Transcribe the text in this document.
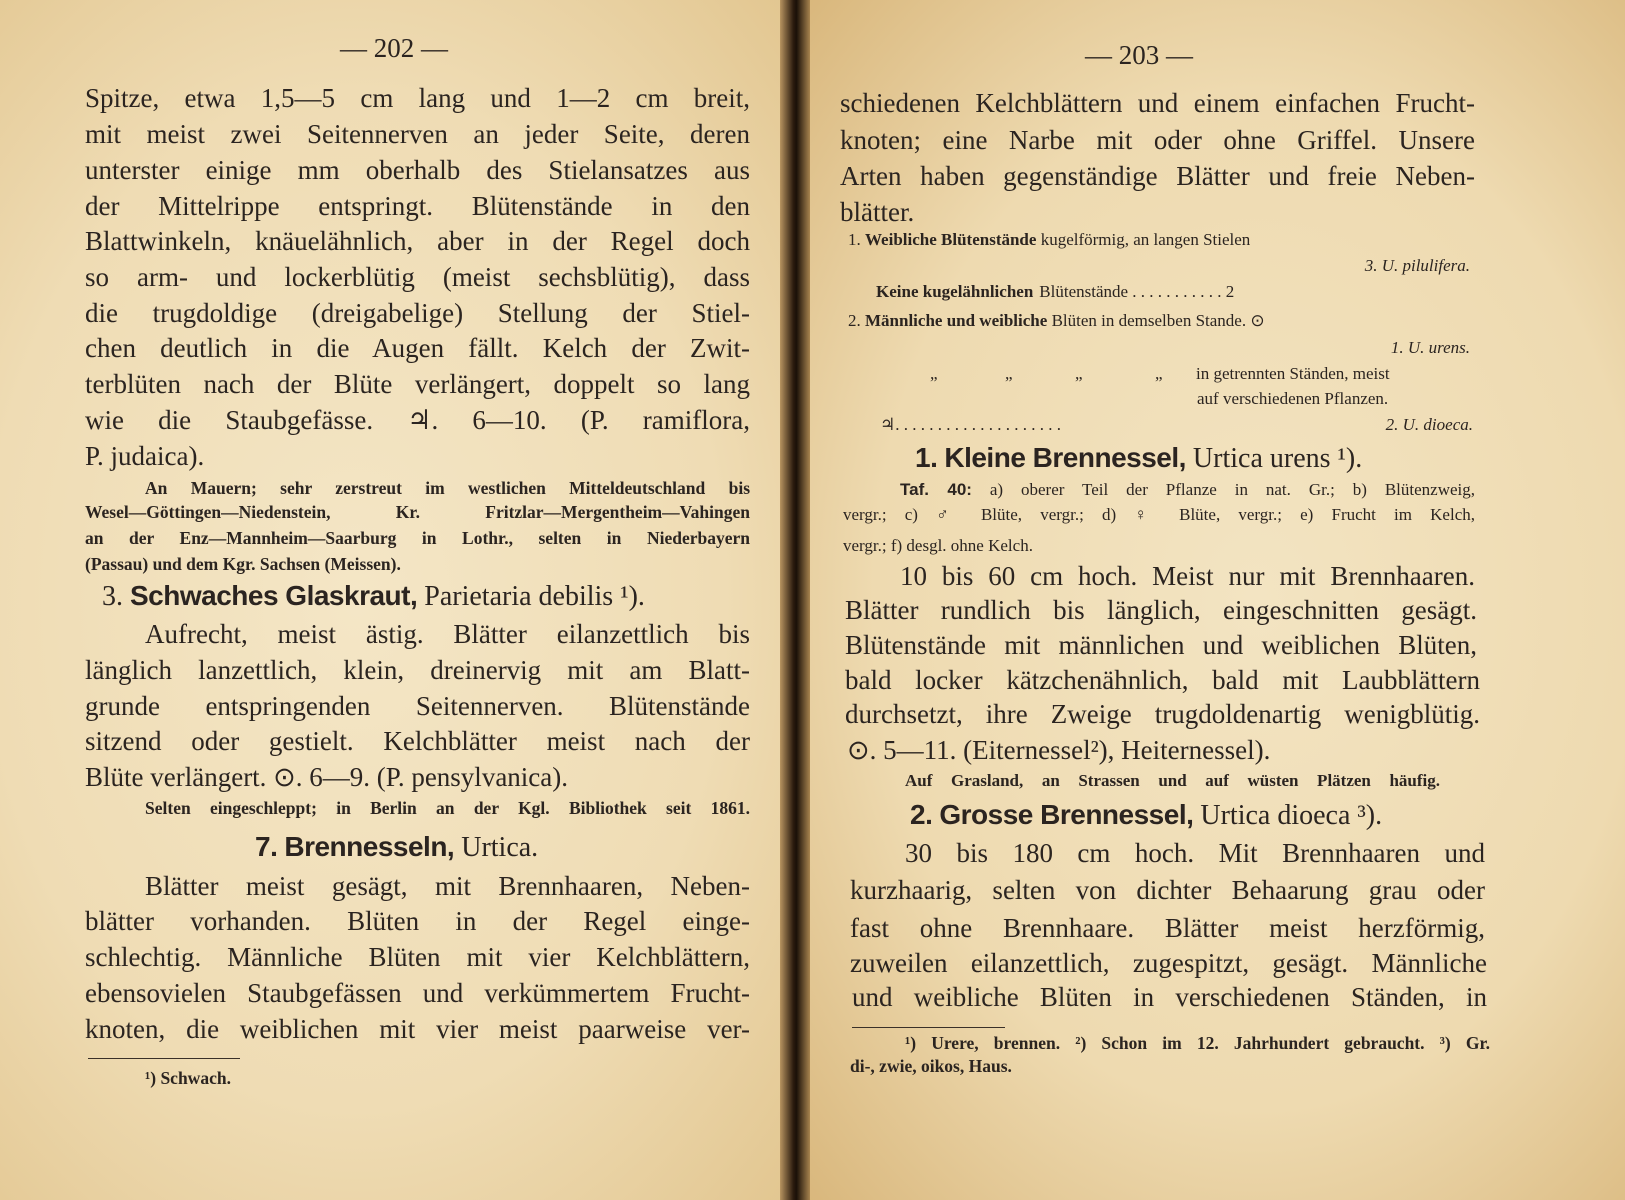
— 202 —
Spitze, etwa 1,5—5 cm lang und 1—2 cm breit,
mit meist zwei Seitennerven an jeder Seite, deren
unterster einige mm oberhalb des Stielansatzes aus
der Mittelrippe entspringt. Blütenstände in den
Blattwinkeln, knäuelähnlich, aber in der Regel doch
so arm- und lockerblütig (meist sechsblütig), dass
die trugdoldige (dreigabelige) Stellung der Stiel-
chen deutlich in die Augen fällt. Kelch der Zwit-
terblüten nach der Blüte verlängert, doppelt so lang
wie die Staubgefässe. ♃. 6—10. (P. ramiflora,
P. judaica).
An Mauern; sehr zerstreut im westlichen Mitteldeutschland bis
Wesel—Göttingen—Niedenstein, Kr. Fritzlar—Mergentheim—Vahingen
an der Enz—Mannheim—Saarburg in Lothr., selten in Niederbayern
(Passau) und dem Kgr. Sachsen (Meissen).
3. Schwaches Glaskraut, Parietaria debilis ¹).
Aufrecht, meist ästig. Blätter eilanzettlich bis
länglich lanzettlich, klein, dreinervig mit am Blatt-
grunde entspringenden Seitennerven. Blütenstände
sitzend oder gestielt. Kelchblätter meist nach der
Blüte verlängert. ⊙. 6—9. (P. pensylvanica).
Selten eingeschleppt; in Berlin an der Kgl. Bibliothek seit 1861.
7. Brennesseln, Urtica.
Blätter meist gesägt, mit Brennhaaren, Neben-
blätter vorhanden. Blüten in der Regel einge-
schlechtig. Männliche Blüten mit vier Kelchblättern,
ebensovielen Staubgefässen und verkümmertem Frucht-
knoten, die weiblichen mit vier meist paarweise ver-
¹) Schwach.
— 203 —
schiedenen Kelchblättern und einem einfachen Frucht-
knoten; eine Narbe mit oder ohne Griffel. Unsere
Arten haben gegenständige Blätter und freie Neben-
blätter.
1. Weibliche Blütenstände kugelförmig, an langen Stielen
3. U. pilulifera.
Keine kugelähnlichen Blütenstände . . . . . . . . . . . 2
2. Männliche und weibliche Blüten in demselben Stande. ⊙
1. U. urens.
„	„	„	„ in getrennten Ständen, meist
auf verschiedenen Pflanzen.
♃. . . . . . . . . . . . . . . . . . . .	2. U. dioeca.
1. Kleine Brennessel, Urtica urens ¹).
Taf. 40: a) oberer Teil der Pflanze in nat. Gr.; b) Blütenzweig,
vergr.; c) ♂ Blüte, vergr.; d) ♀ Blüte, vergr.; e) Frucht im Kelch,
vergr.; f) desgl. ohne Kelch.
10 bis 60 cm hoch. Meist nur mit Brennhaaren.
Blätter rundlich bis länglich, eingeschnitten gesägt.
Blütenstände mit männlichen und weiblichen Blüten,
bald locker kätzchenähnlich, bald mit Laubblättern
durchsetzt, ihre Zweige trugdoldenartig wenigblütig.
⊙. 5—11. (Eiternessel²), Heiternessel).
Auf Grasland, an Strassen und auf wüsten Plätzen häufig.
2. Grosse Brennessel, Urtica dioeca ³).
30 bis 180 cm hoch. Mit Brennhaaren und
kurzhaarig, selten von dichter Behaarung grau oder
fast ohne Brennhaare. Blätter meist herzförmig,
zuweilen eilanzettlich, zugespitzt, gesägt. Männliche
und weibliche Blüten in verschiedenen Ständen, in
¹) Urere, brennen. ²) Schon im 12. Jahrhundert gebraucht. ³) Gr.
di-, zwie, oikos, Haus.
